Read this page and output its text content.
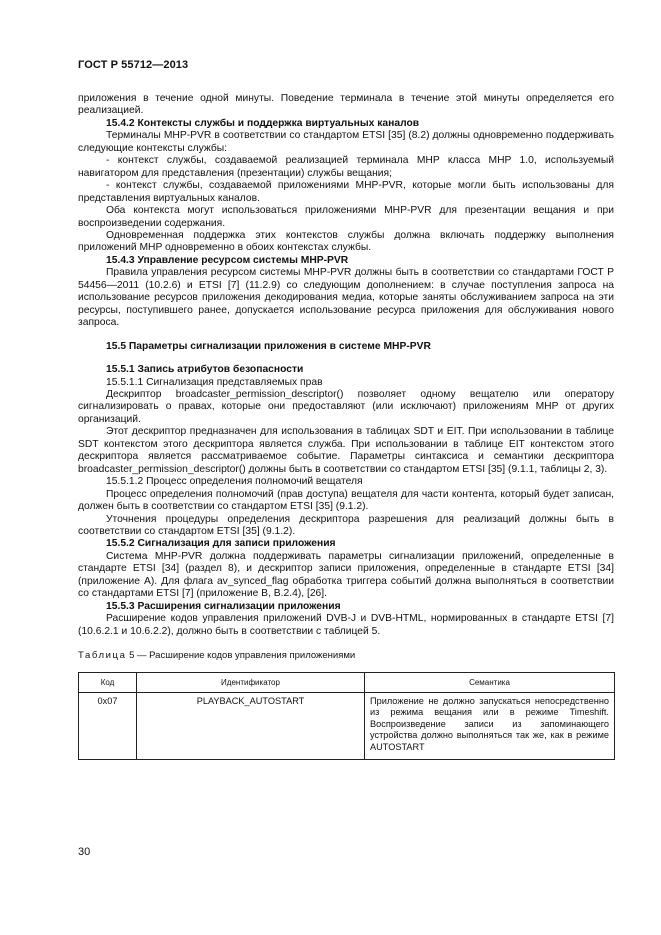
ГОСТ Р 55712—2013

приложения в течение одной минуты. Поведение терминала в течение этой минуты определяется его реализацией.

15.4.2 Контексты службы и поддержка виртуальных каналов

Терминалы MHP-PVR в соответствии со стандартом ETSI [35] (8.2) должны одновременно поддерживать следующие контексты службы:

- контекст службы, создаваемой реализацией терминала MHP класса MHP 1.0, используемый навигатором для представления (презентации) службы вещания;

- контекст службы, создаваемой приложениями MHP-PVR, которые могли быть использованы для представления виртуальных каналов.

Оба контекста могут использоваться приложениями MHP-PVR для презентации вещания и при воспроизведении содержания.

Одновременная поддержка этих контекстов службы должна включать поддержку выполнения приложений MHP одновременно в обоих контекстах службы.

15.4.3 Управление ресурсом системы MHP-PVR

Правила управления ресурсом системы MHP-PVR должны быть в соответствии со стандартами ГОСТ Р 54456—2011 (10.2.6) и ETSI [7] (11.2.9) со следующим дополнением: в случае поступления запроса на использование ресурсов приложения декодирования медиа, которые заняты обслуживанием запроса на эти ресурсы, поступившего ранее, допускается использование ресурса приложения для обслуживания нового запроса.

15.5 Параметры сигнализации приложения в системе MHP-PVR

15.5.1 Запись атрибутов безопасности

15.5.1.1 Сигнализация представляемых прав

Дескриптор broadcaster_permission_descriptor() позволяет одному вещателю или оператору сигнализировать о правах, которые они предоставляют (или исключают) приложениям MHP от других организаций.

Этот дескриптор предназначен для использования в таблицах SDT и EIT. При использовании в таблице SDT контекстом этого дескриптора является служба. При использовании в таблице EIT контекстом этого дескриптора является рассматриваемое событие. Параметры синтаксиса и семантики дескриптора broadcaster_permission_descriptor() должны быть в соответствии со стандартом ETSI [35] (9.1.1, таблицы 2, 3).

15.5.1.2 Процесс определения полномочий вещателя

Процесс определения полномочий (прав доступа) вещателя для части контента, который будет записан, должен быть в соответствии со стандартом ETSI [35] (9.1.2).

Уточнения процедуры определения дескриптора разрешения для реализаций должны быть в соответствии со стандартом ETSI [35] (9.1.2).

15.5.2 Сигнализация для записи приложения

Система MHP-PVR должна поддерживать параметры сигнализации приложений, определенные в стандарте ETSI [34] (раздел 8), и дескриптор записи приложения, определенные в стандарте ETSI [34] (приложение А). Для флага av_synced_flag обработка триггера событий должна выполняться в соответствии со стандартами ETSI [7] (приложение В, В.2.4), [26].

15.5.3 Расширения сигнализации приложения

Расширение кодов управления приложений DVB-J и DVB-HTML, нормированных в стандарте ETSI [7] (10.6.2.1 и 10.6.2.2), должно быть в соответствии с таблицей 5.

Таблица 5 — Расширение кодов управления приложениями

Код	Идентификатор	Семантика
0x07	PLAYBACK_AUTOSTART	Приложение не должно запускаться непосредственно из режима вещания или в режиме Timeshift. Воспроизведение записи из запоминающего устройства должно выполняться так же, как в режиме AUTOSTART
30
